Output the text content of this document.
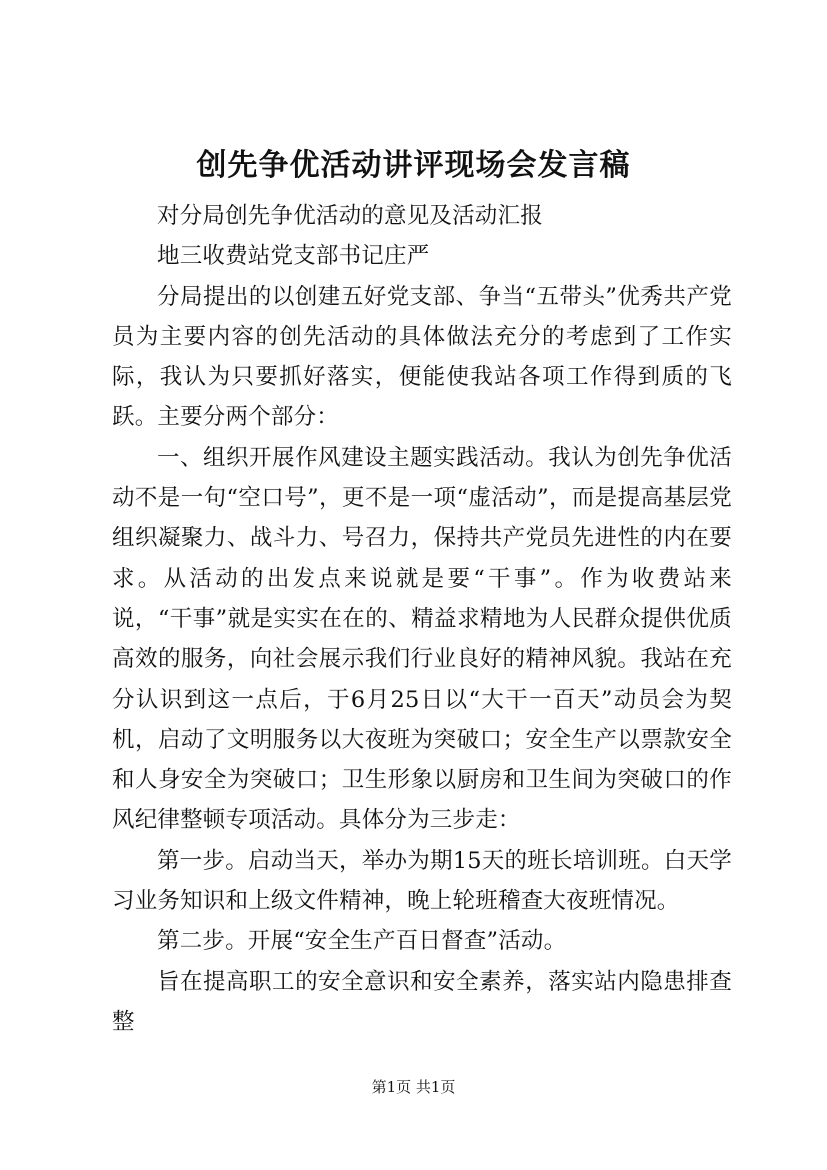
创先争优活动讲评现场会发言稿

对分局创先争优活动的意见及活动汇报

地三收费站党支部书记庄严

分局提出的以创建五好党支部、争当“五带头”优秀共产党员为主要内容的创先活动的具体做法充分的考虑到了工作实际，我认为只要抓好落实，便能使我站各项工作得到质的飞跃。主要分两个部分：

一、组织开展作风建设主题实践活动。我认为创先争优活动不是一句“空口号”，更不是一项“虚活动”，而是提高基层党组织凝聚力、战斗力、号召力，保持共产党员先进性的内在要求。从活动的出发点来说就是要“干事”。作为收费站来说，“干事”就是实实在在的、精益求精地为人民群众提供优质高效的服务，向社会展示我们行业良好的精神风貌。我站在充分认识到这一点后，于6月25日以“大干一百天”动员会为契机，启动了文明服务以大夜班为突破口；安全生产以票款安全和人身安全为突破口；卫生形象以厨房和卫生间为突破口的作风纪律整顿专项活动。具体分为三步走：

第一步。启动当天，举办为期15天的班长培训班。白天学习业务知识和上级文件精神，晚上轮班稽查大夜班情况。

第二步。开展“安全生产百日督查”活动。

旨在提高职工的安全意识和安全素养，落实站内隐患排查整

第1页 共1页
